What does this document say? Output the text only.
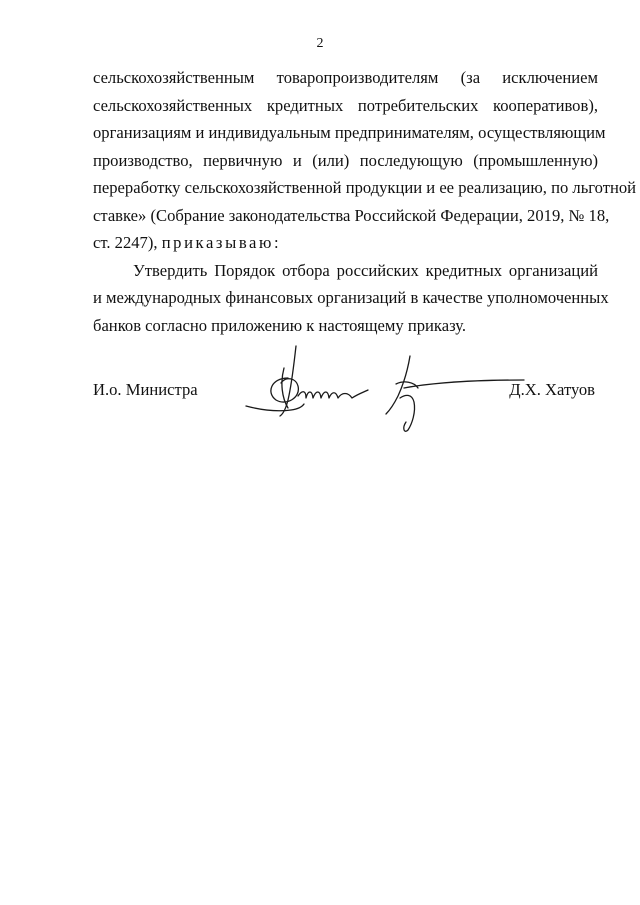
2
сельскохозяйственным товаропроизводителям (за исключением
сельскохозяйственных кредитных потребительских кооперативов),
организациям и индивидуальным предпринимателям, осуществляющим
производство, первичную и (или) последующую (промышленную)
переработку сельскохозяйственной продукции и ее реализацию, по льготной
ставке» (Собрание законодательства Российской Федерации, 2019, № 18,
ст. 2247), приказываю:
Утвердить Порядок отбора российских кредитных организаций
и международных финансовых организаций в качестве уполномоченных
банков согласно приложению к настоящему приказу.
И.о. Министра	Д.Х. Хатуов
